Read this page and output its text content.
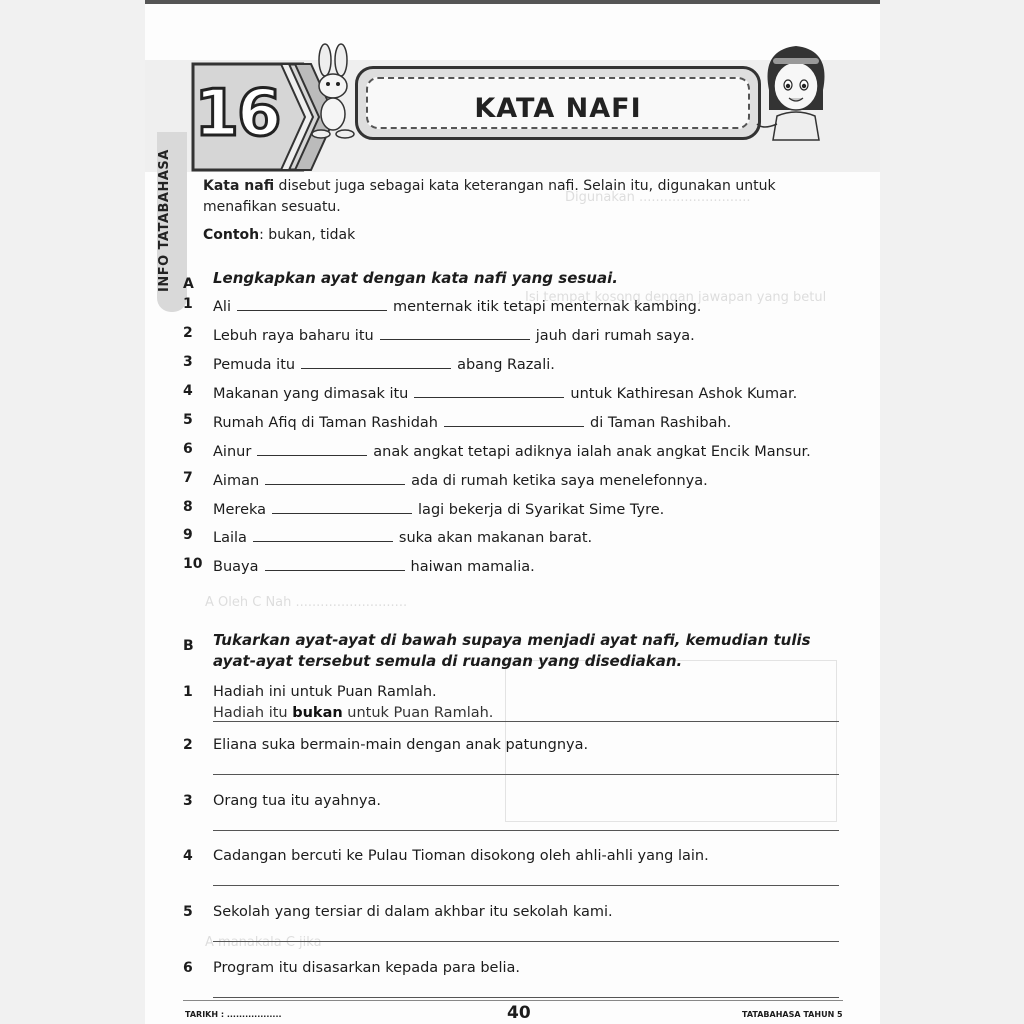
Digunakan ...........................
Isi tempat kosong dengan jawapan yang betul
A Oleh C Nah ...........................
A manakala C jika
16	KATA NAFI
INFO TATABAHASA	Kata nafi disebut juga sebagai kata keterangan nafi. Selain itu, digunakan untuk menafikan sesuatu.
Contoh: bukan, tidak
A Lengkapkan ayat dengan kata nafi yang sesuai.
1	Ali	menternak itik tetapi menternak kambing.
2	Lebuh raya baharu itu	jauh dari rumah saya.
3	Pemuda itu	abang Razali.
4	Makanan yang dimasak itu	untuk Kathiresan Ashok Kumar.
5	Rumah Afiq di Taman Rashidah	di Taman Rashibah.
6	Ainur	anak angkat tetapi adiknya ialah anak angkat Encik Mansur.
7	Aiman	ada di rumah ketika saya menelefonnya.
8	Mereka	lagi bekerja di Syarikat Sime Tyre.
9	Laila	suka akan makanan barat.
10 Buaya	haiwan mamalia.
B Tukarkan ayat-ayat di bawah supaya menjadi ayat nafi, kemudian tulis ayat-ayat tersebut semula di ruangan yang disediakan.
1	Hadiah ini untuk Puan Ramlah.
Hadiah itu bukan untuk Puan Ramlah.
2	Eliana suka bermain-main dengan anak patungnya.
3	Orang tua itu ayahnya.
4	Cadangan bercuti ke Pulau Tioman disokong oleh ahli-ahli yang lain.
5	Sekolah yang tersiar di dalam akhbar itu sekolah kami.
6	Program itu disasarkan kepada para belia.
TARIKH : ..................	40	TATABAHASA TAHUN 5
